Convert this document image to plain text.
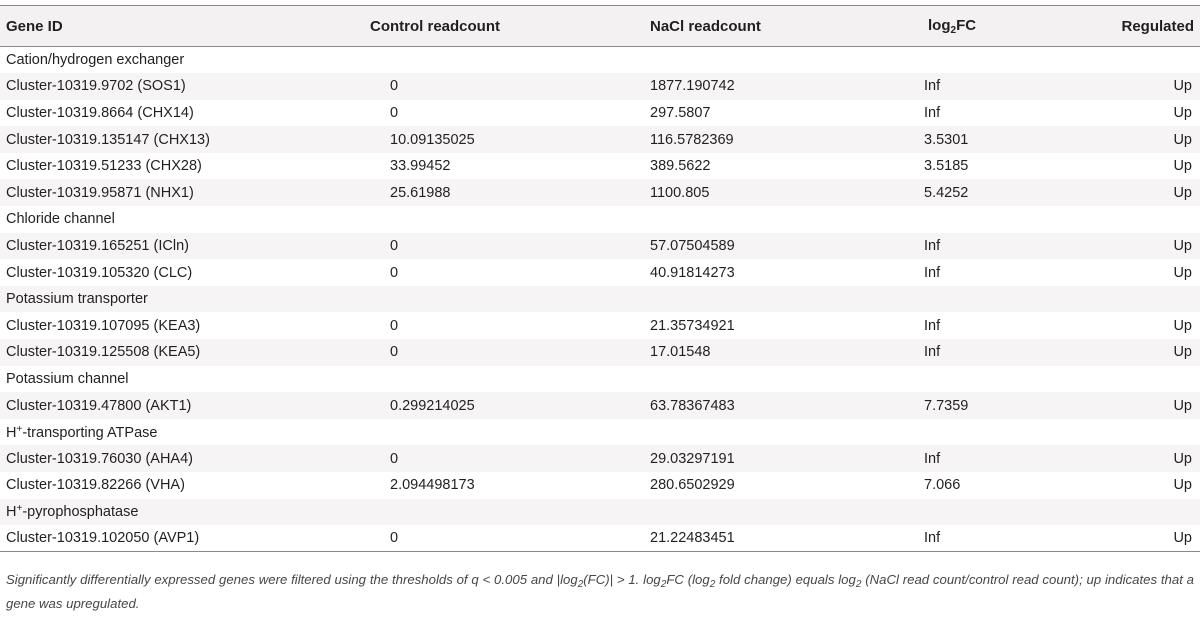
Gene ID	Control readcount	NaCl readcount	$\log_2FC$	Regulated
Cation/hydrogen exchanger				
Cluster-10319.9702 (SOS1)	0	1877.190742	Inf	Up
Cluster-10319.8664 (CHX14)	0	297.5807	Inf	Up
Cluster-10319.135147 (CHX13)	10.09135025	116.5782369	3.5301	Up
Cluster-10319.51233 (CHX28)	33.99452	389.5622	3.5185	Up
Cluster-10319.95871 (NHX1)	25.61988	1100.805	5.4252	Up
Chloride channel				
Cluster-10319.165251 (ICln)	0	57.07504589	Inf	Up
Cluster-10319.105320 (CLC)	0	40.91814273	Inf	Up
Potassium transporter				
Cluster-10319.107095 (KEA3)	0	21.35734921	Inf	Up
Cluster-10319.125508 (KEA5)	0	17.01548	Inf	Up
Potassium channel				
Cluster-10319.47800 (AKT1)	0.299214025	63.78367483	7.7359	Up
H+-transporting ATPase				
Cluster-10319.76030 (AHA4)	0	29.03297191	Inf	Up
Cluster-10319.82266 (VHA)	2.094498173	280.6502929	7.066	Up
H+-pyrophosphatase				
Cluster-10319.102050 (AVP1)	0	21.22483451	Inf	Up
Significantly differentially expressed genes were filtered using the thresholds of q < 0.005 and $|\log_2(FC)| > 1$. $\log_2FC$ ($\log_2$ fold change) equals $\log_2$ (NaCl read count/control read count); up indicates that a gene was upregulated.
